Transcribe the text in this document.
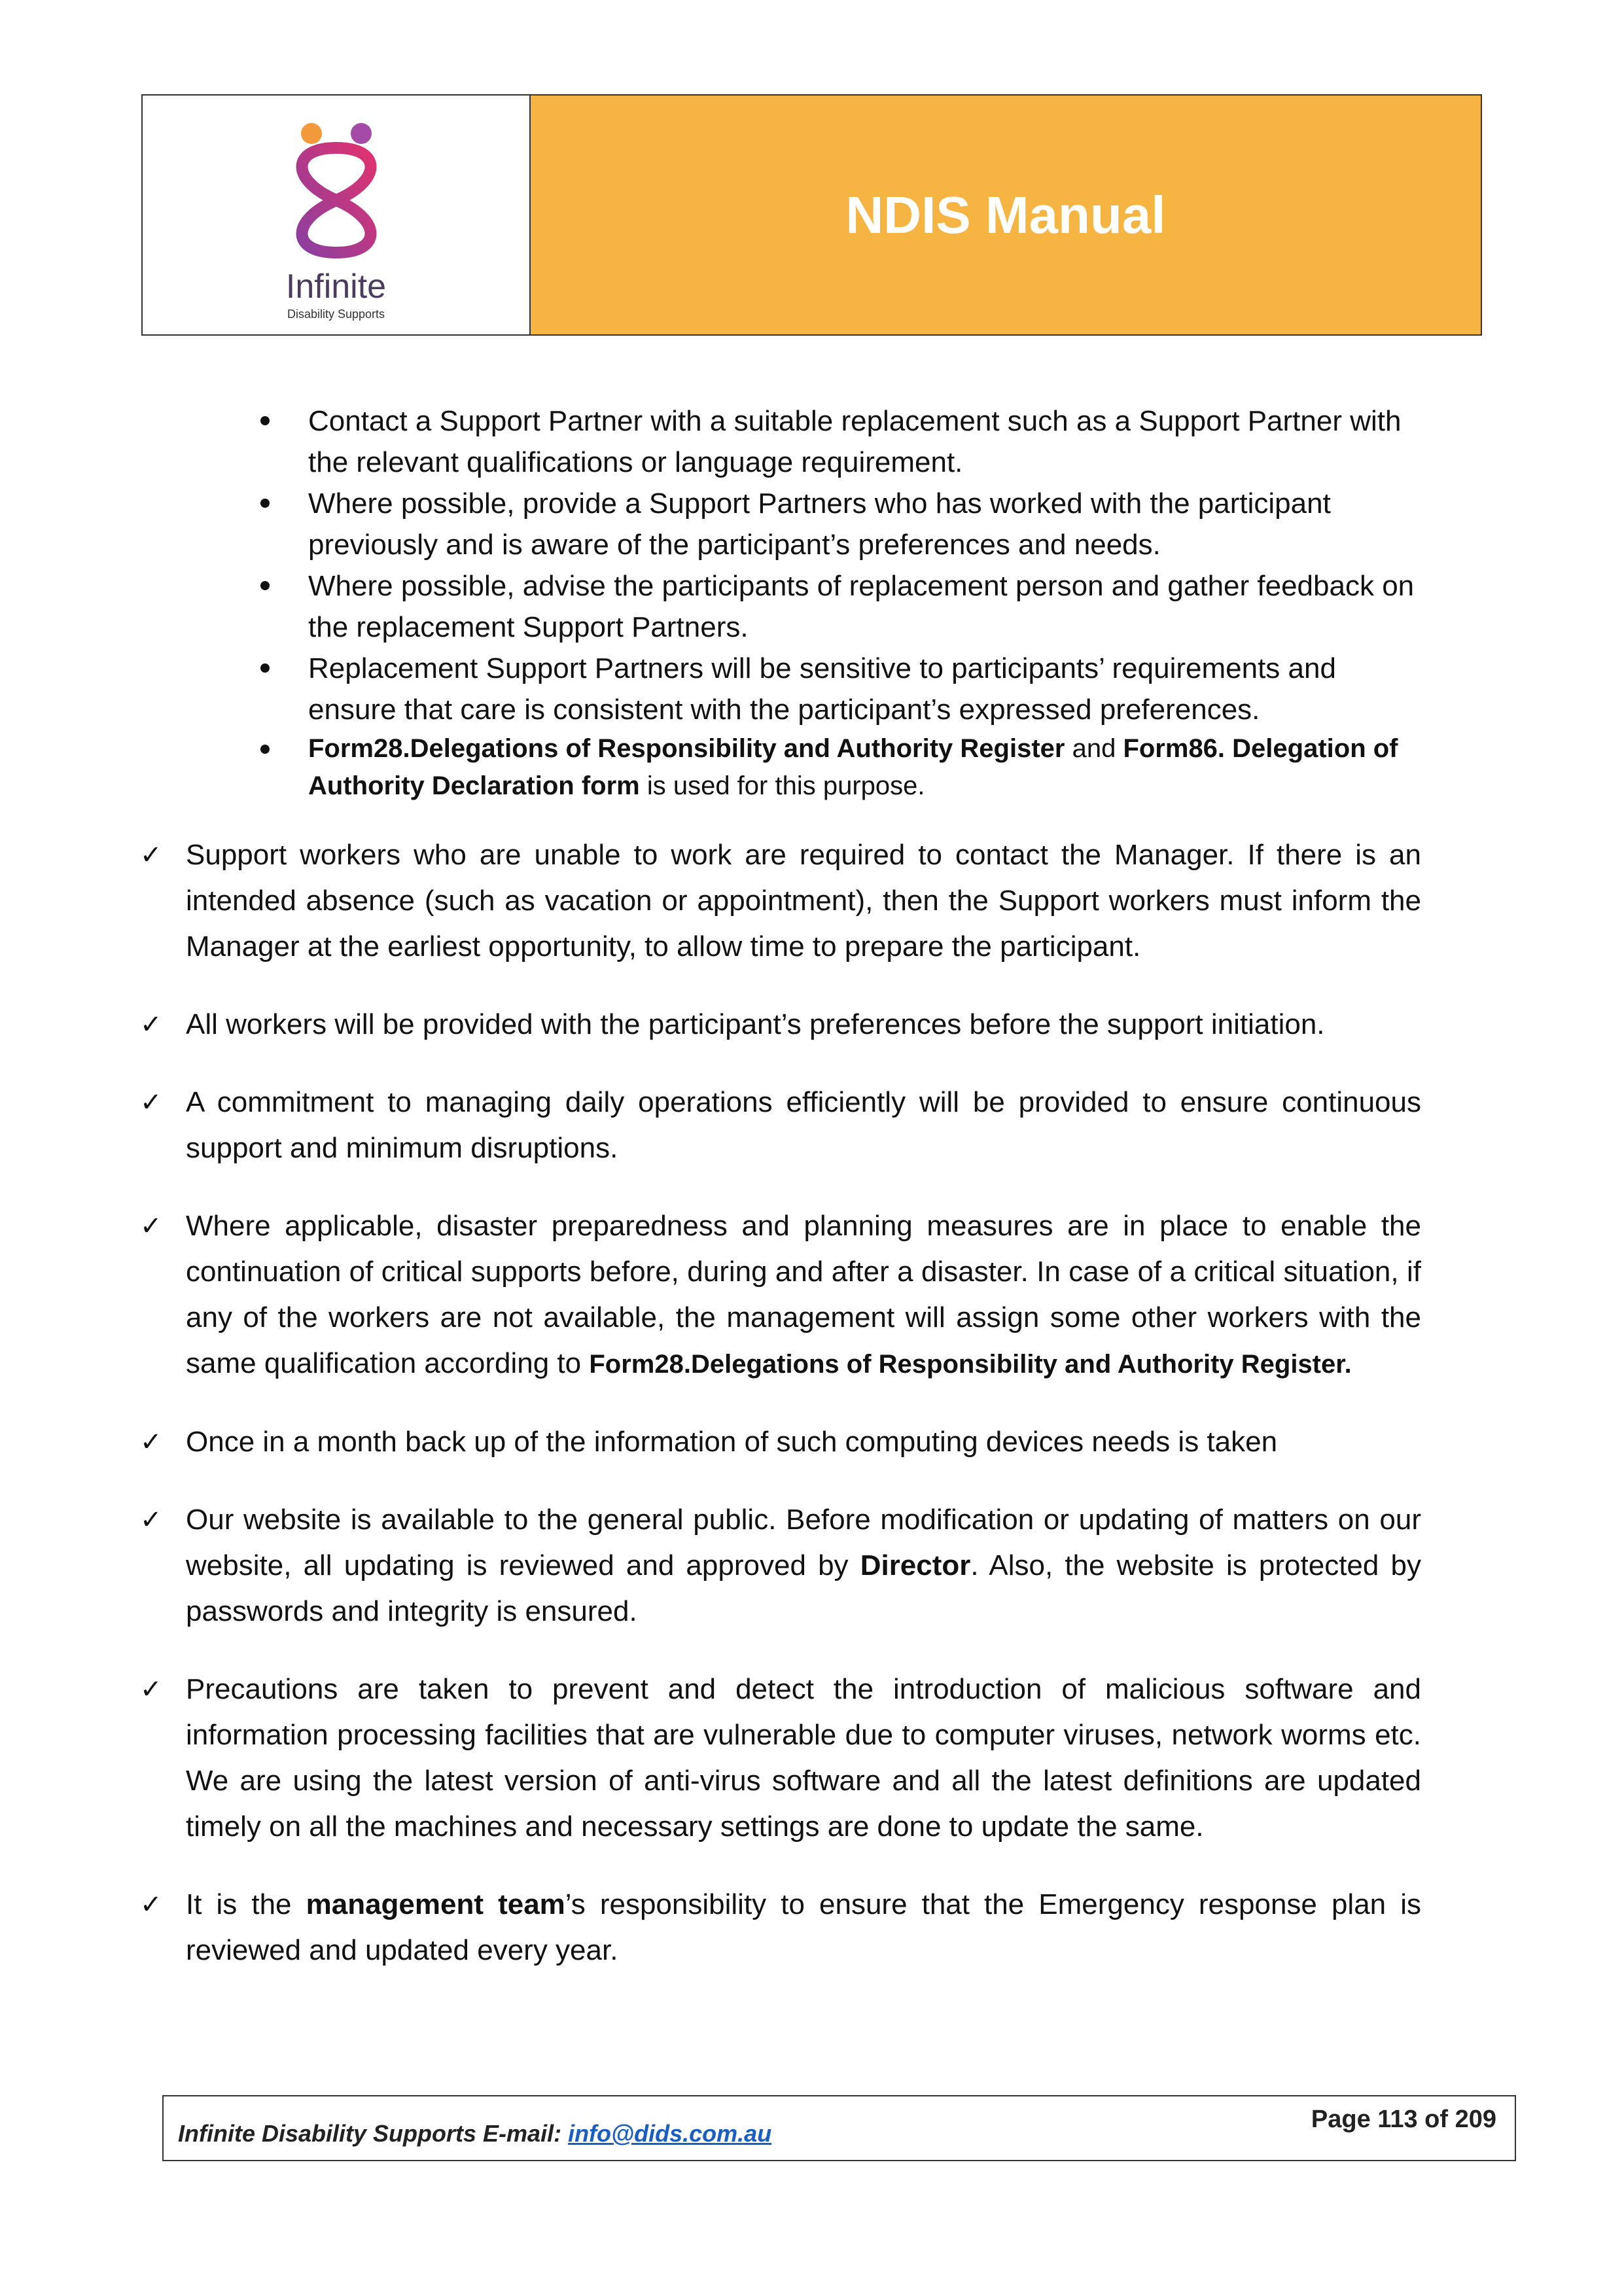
Infinite
Disability Supports
NDIS Manual
Contact a Support Partner with a suitable replacement such as a Support Partner with the relevant qualifications or language requirement.
Where possible, provide a Support Partners who has worked with the participant previously and is aware of the participant’s preferences and needs.
Where possible, advise the participants of replacement person and gather feedback on the replacement Support Partners.
Replacement Support Partners will be sensitive to participants’ requirements and ensure that care is consistent with the participant’s expressed preferences.
Form28.Delegations of Responsibility and Authority Register and Form86. Delegation of Authority Declaration form is used for this purpose.
✓ Support workers who are unable to work are required to contact the Manager. If there is an intended absence (such as vacation or appointment), then the Support workers must inform the Manager at the earliest opportunity, to allow time to prepare the participant.
✓ All workers will be provided with the participant’s preferences before the support initiation.
✓ A commitment to managing daily operations efficiently will be provided to ensure continuous support and minimum disruptions.
✓ Where applicable, disaster preparedness and planning measures are in place to enable the continuation of critical supports before, during and after a disaster. In case of a critical situation, if any of the workers are not available, the management will assign some other workers with the same qualification according to Form28.Delegations of Responsibility and Authority Register.
✓ Once in a month back up of the information of such computing devices needs is taken
✓ Our website is available to the general public. Before modification or updating of matters on our website, all updating is reviewed and approved by Director. Also, the website is protected by passwords and integrity is ensured.
✓ Precautions are taken to prevent and detect the introduction of malicious software and information processing facilities that are vulnerable due to computer viruses, network worms etc. We are using the latest version of anti-virus software and all the latest definitions are updated timely on all the machines and necessary settings are done to update the same.
✓ It is the management team’s responsibility to ensure that the Emergency response plan is reviewed and updated every year.
Infinite Disability Supports E-mail: info@dids.com.au
Page 113 of 209
